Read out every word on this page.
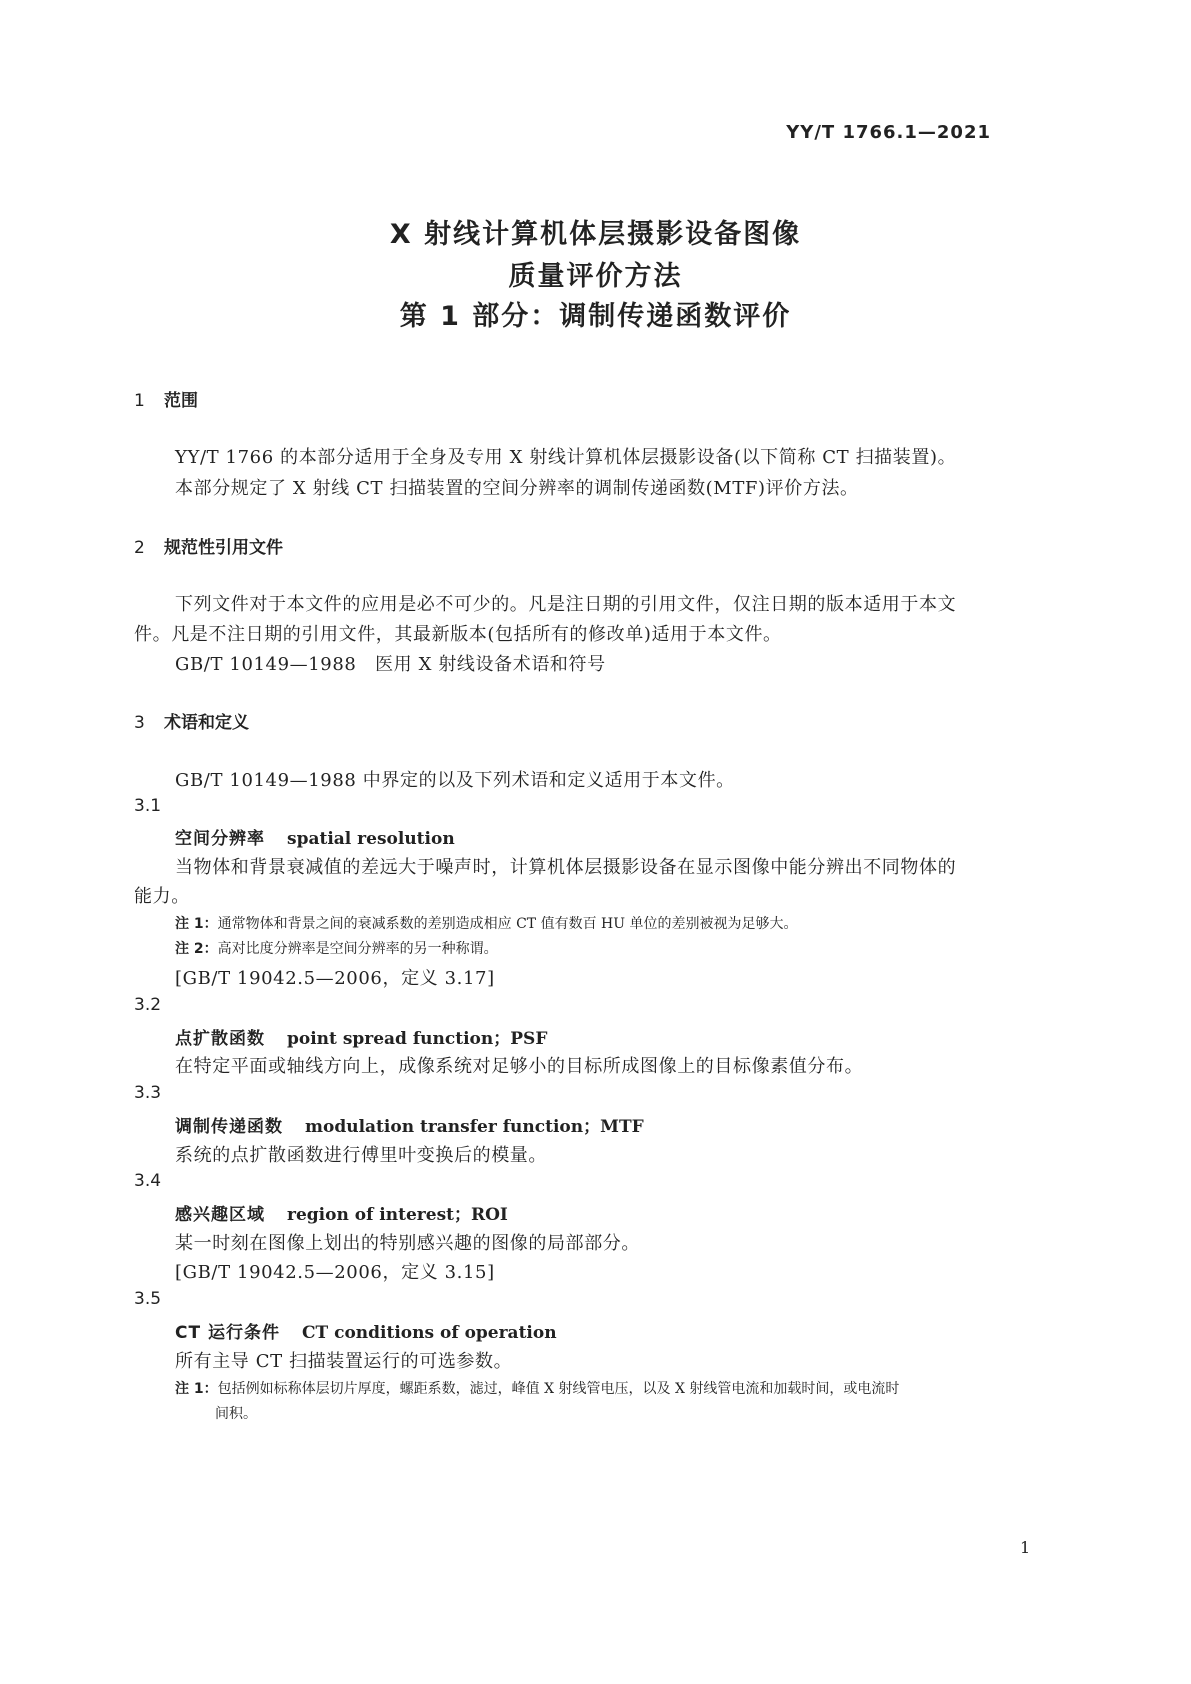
YY/T 1766.1—2021
X 射线计算机体层摄影设备图像
质量评价方法
第 1 部分：调制传递函数评价
1 范围
YY/T 1766 的本部分适用于全身及专用 X 射线计算机体层摄影设备(以下简称 CT 扫描装置)。
本部分规定了 X 射线 CT 扫描装置的空间分辨率的调制传递函数(MTF)评价方法。
2 规范性引用文件
下列文件对于本文件的应用是必不可少的。凡是注日期的引用文件，仅注日期的版本适用于本文
件。凡是不注日期的引用文件，其最新版本(包括所有的修改单)适用于本文件。
GB/T 10149—1988　医用 X 射线设备术语和符号
3 术语和定义
GB/T 10149—1988 中界定的以及下列术语和定义适用于本文件。
3.1
空间分辨率 spatial resolution
当物体和背景衰减值的差远大于噪声时，计算机体层摄影设备在显示图像中能分辨出不同物体的
能力。
注 1：通常物体和背景之间的衰减系数的差别造成相应 CT 值有数百 HU 单位的差别被视为足够大。
注 2：高对比度分辨率是空间分辨率的另一种称谓。
[GB/T 19042.5—2006，定义 3.17]
3.2
点扩散函数 point spread function；PSF
在特定平面或轴线方向上，成像系统对足够小的目标所成图像上的目标像素值分布。
3.3
调制传递函数 modulation transfer function；MTF
系统的点扩散函数进行傅里叶变换后的模量。
3.4
感兴趣区域 region of interest；ROI
某一时刻在图像上划出的特别感兴趣的图像的局部部分。
[GB/T 19042.5—2006，定义 3.15]
3.5
CT 运行条件 CT conditions of operation
所有主导 CT 扫描装置运行的可选参数。
注 1：包括例如标称体层切片厚度，螺距系数，滤过，峰值 X 射线管电压，以及 X 射线管电流和加载时间，或电流时
间积。
1
